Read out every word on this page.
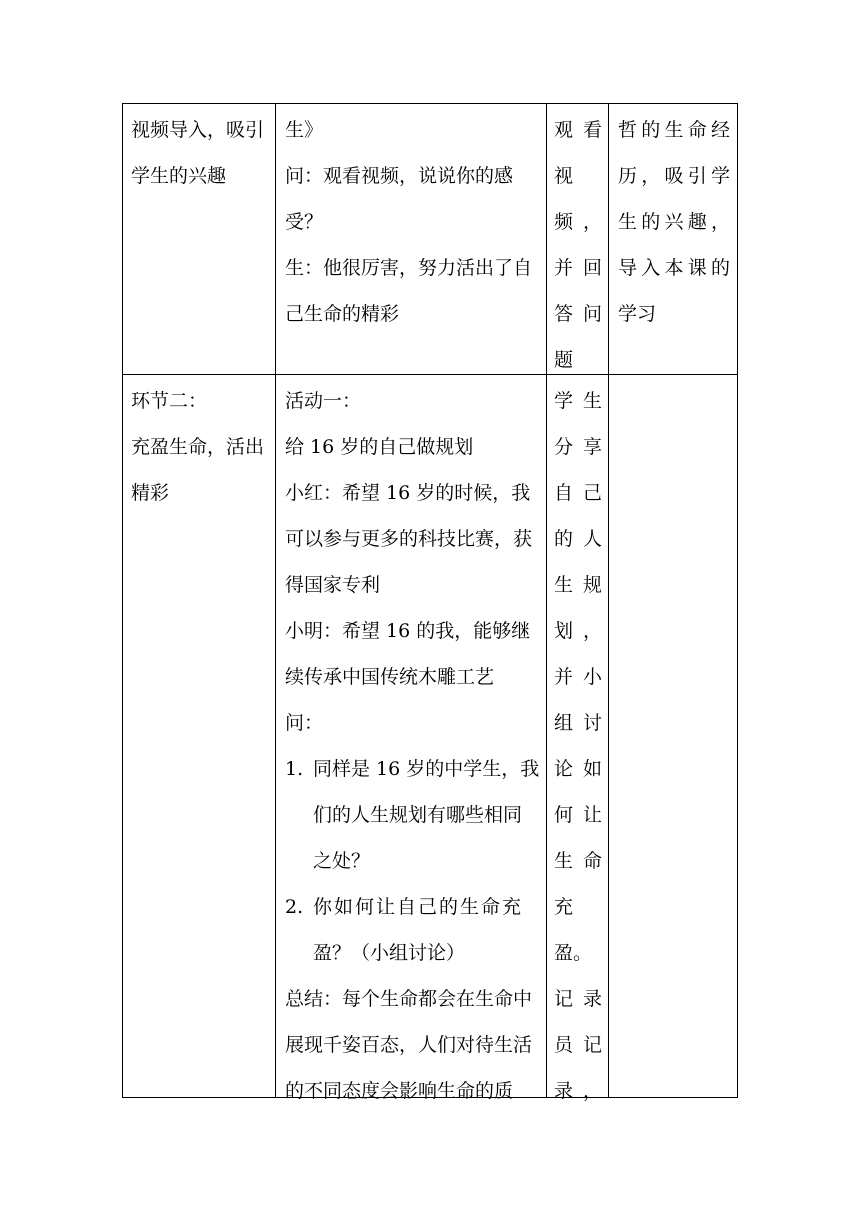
视频导入，吸引
学生的兴趣
生》
问：观看视频，说说你的感
受？
生：他很厉害，努力活出了自
己生命的精彩
观看
视
频，
并回
答问
题
哲的生命经
历，吸引学
生的兴趣，
导入本课的
学习
环节二：
充盈生命，活出
精彩
活动一：
给 16 岁的自己做规划
小红：希望 16 岁的时候，我
可以参与更多的科技比赛，获
得国家专利
小明：希望 16 的我，能够继
续传承中国传统木雕工艺
问：
1. 同样是 16 岁的中学生，我
们的人生规划有哪些相同
之处？
2. 你如何让自己的生命充
盈？（小组讨论）
总结：每个生命都会在生命中
展现千姿百态，人们对待生活
的不同态度会影响生命的质
学生
分享
自己
的人
生规
划，
并小
组讨
论如
何让
生命
充
盈。
记录
员记
录，
